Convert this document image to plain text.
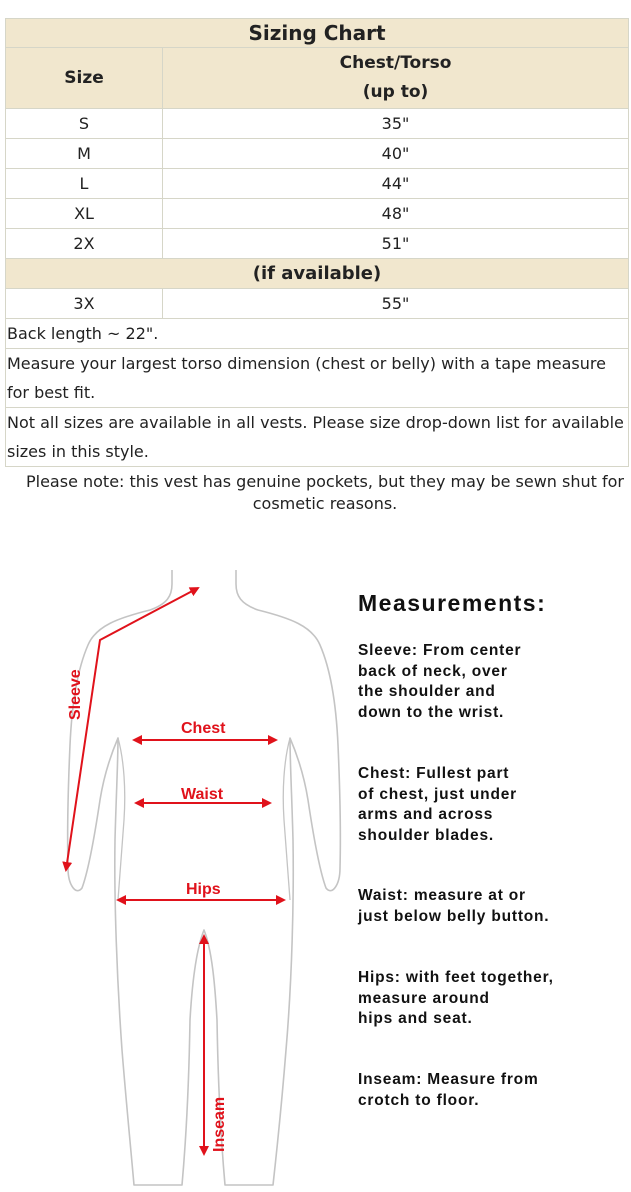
Sizing Chart	
Size	Chest/Torso
(up to)

S	35"
M	40"
L	44"
XL	48"
2X	51"
(if available)	
3X	55"
Back length ~ 22".	
Measure your largest torso dimension (chest or belly) with a tape measure for best fit.	
Not all sizes are available in all vests. Please size drop-down list for available sizes in this style.	
Please note: this vest has genuine pockets, but they may be sewn shut for cosmetic reasons.
Sleeve
Chest
Waist
Hips
Inseam
Measurements:
Sleeve: From center
back of neck, over
the shoulder and
down to the wrist.
Chest: Fullest part
of chest, just under
arms and across
shoulder blades.
Waist: measure at or
just below belly button.
Hips: with feet together,
measure around
hips and seat.
Inseam: Measure from
crotch to floor.
